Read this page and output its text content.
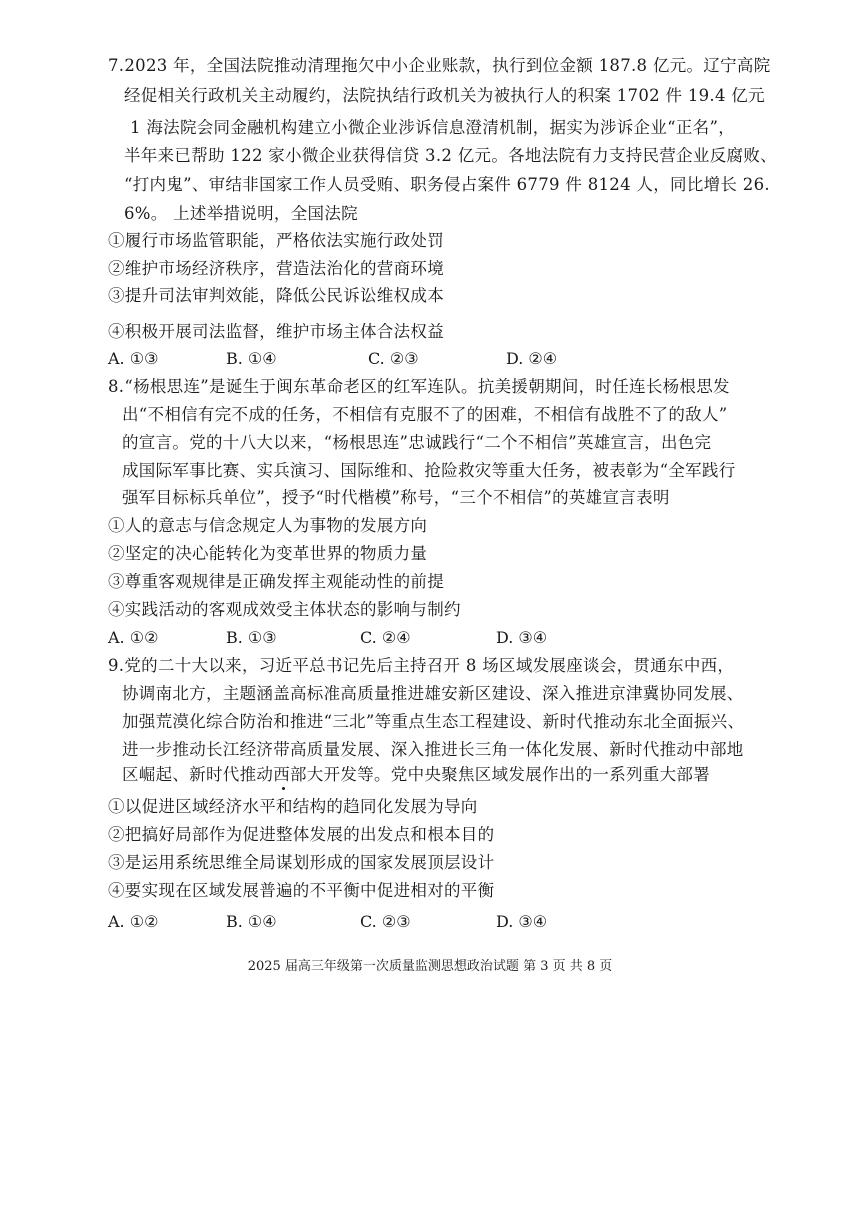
7.2023 年，全国法院推动清理拖欠中小企业账款，执行到位金额 187.8 亿元。辽宁高院
经促相关行政机关主动履约，法院执结行政机关为被执行人的积案 1702 件 19.4 亿元
1 海法院会同金融机构建立小微企业涉诉信息澄清机制，据实为涉诉企业“正名”，
半年来已帮助 122 家小微企业获得信贷 3.2 亿元。各地法院有力支持民营企业反腐败、
“打内鬼”、审结非国家工作人员受贿、职务侵占案件 6779 件 8124 人，同比增长 26.
6%。 上述举措说明，全国法院
①履行市场监管职能，严格依法实施行政处罚
②维护市场经济秩序，营造法治化的营商环境
③提升司法审判效能，降低公民诉讼维权成本
④积极开展司法监督，维护市场主体合法权益
A. ①③	B. ①④	C. ②③	D. ②④
8.“杨根思连”是诞生于闽东革命老区的红军连队。抗美援朝期间，时任连长杨根思发
出“不相信有完不成的任务，不相信有克服不了的困难，不相信有战胜不了的敌人”
的宣言。党的十八大以来，“杨根思连”忠诚践行“二个不相信”英雄宣言，出色完
成国际军事比赛、实兵演习、国际维和、抢险救灾等重大任务，被表彰为“全军践行
强军目标标兵单位”，授予“时代楷模”称号，“三个不相信”的英雄宣言表明
①人的意志与信念规定人为事物的发展方向
②坚定的决心能转化为变革世界的物质力量
③尊重客观规律是正确发挥主观能动性的前提
④实践活动的客观成效受主体状态的影响与制约
A. ①②	B. ①③	C. ②④	D. ③④
9.党的二十大以来，习近平总书记先后主持召开 8 场区域发展座谈会，贯通东中西，
协调南北方，主题涵盖高标准高质量推进雄安新区建设、深入推进京津冀协同发展、
加强荒漠化综合防治和推进“三北”等重点生态工程建设、新时代推动东北全面振兴、
进一步推动长江经济带高质量发展、深入推进长三角一体化发展、新时代推动中部地
区崛起、新时代推动西部大开发等。党中央聚焦区域发展作出的一系列重大部署
①以促进区域经济水平和结构的趋同化发展为导向
②把搞好局部作为促进整体发展的出发点和根本目的
③是运用系统思维全局谋划形成的国家发展顶层设计
④要实现在区域发展普遍的不平衡中促进相对的平衡
A. ①②	B. ①④	C. ②③	D. ③④
2025 届高三年级第一次质量监测思想政治试题 第 3 页 共 8 页
